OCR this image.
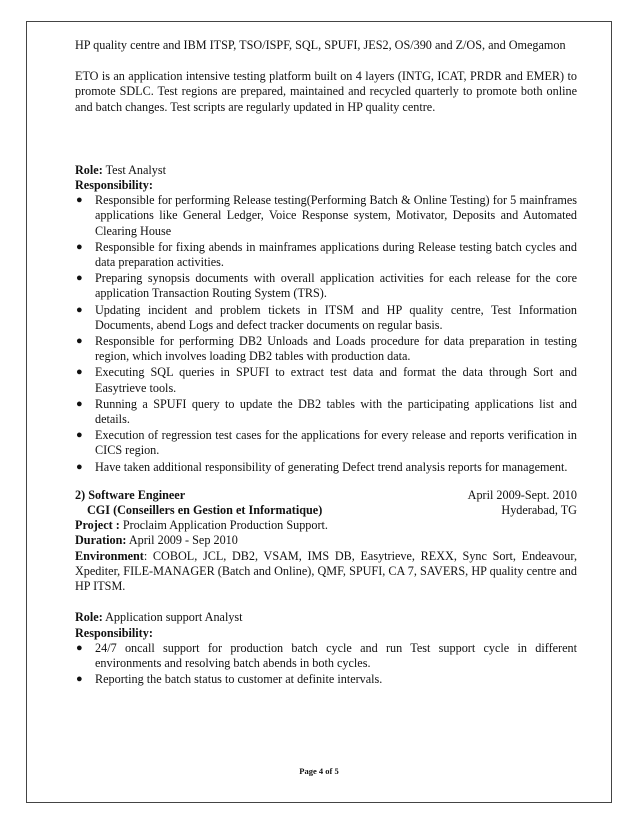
HP quality centre and IBM ITSP, TSO/ISPF, SQL, SPUFI, JES2, OS/390 and Z/OS, and Omegamon

ETO is an application intensive testing platform built on 4 layers (INTG, ICAT, PRDR and EMER) to promote SDLC. Test regions are prepared, maintained and recycled quarterly to promote both online and batch changes. Test scripts are regularly updated in HP quality centre.

Role: Test Analyst

Responsibility:

● Responsible for performing Release testing(Performing Batch & Online Testing) for 5 mainframes applications like General Ledger, Voice Response system, Motivator, Deposits and Automated Clearing House
● Responsible for fixing abends in mainframes applications during Release testing batch cycles and data preparation activities.
● Preparing synopsis documents with overall application activities for each release for the core application Transaction Routing System (TRS).
● Updating incident and problem tickets in ITSM and HP quality centre, Test Information Documents, abend Logs and defect tracker documents on regular basis.
● Responsible for performing DB2 Unloads and Loads procedure for data preparation in testing region, which involves loading DB2 tables with production data.
● Executing SQL queries in SPUFI to extract test data and format the data through Sort and Easytrieve tools.
● Running a SPUFI query to update the DB2 tables with the participating applications list and details.
● Execution of regression test cases for the applications for every release and reports verification in CICS region.
● Have taken additional responsibility of generating Defect trend analysis reports for management.
2) Software Engineer	April 2009-Sept. 2010
CGI (Conseillers en Gestion et Informatique)	Hyderabad, TG

Project : Proclaim Application Production Support.

Duration: April 2009 - Sep 2010

Environment: COBOL, JCL, DB2, VSAM, IMS DB, Easytrieve, REXX, Sync Sort, Endeavour, Xpediter, FILE-MANAGER (Batch and Online), QMF, SPUFI, CA 7, SAVERS, HP quality centre and HP ITSM.

Role: Application support Analyst

Responsibility:

● 24/7 oncall support for production batch cycle and run Test support cycle in different environments and resolving batch abends in both cycles.
● Reporting the batch status to customer at definite intervals.
Page 4 of 5
